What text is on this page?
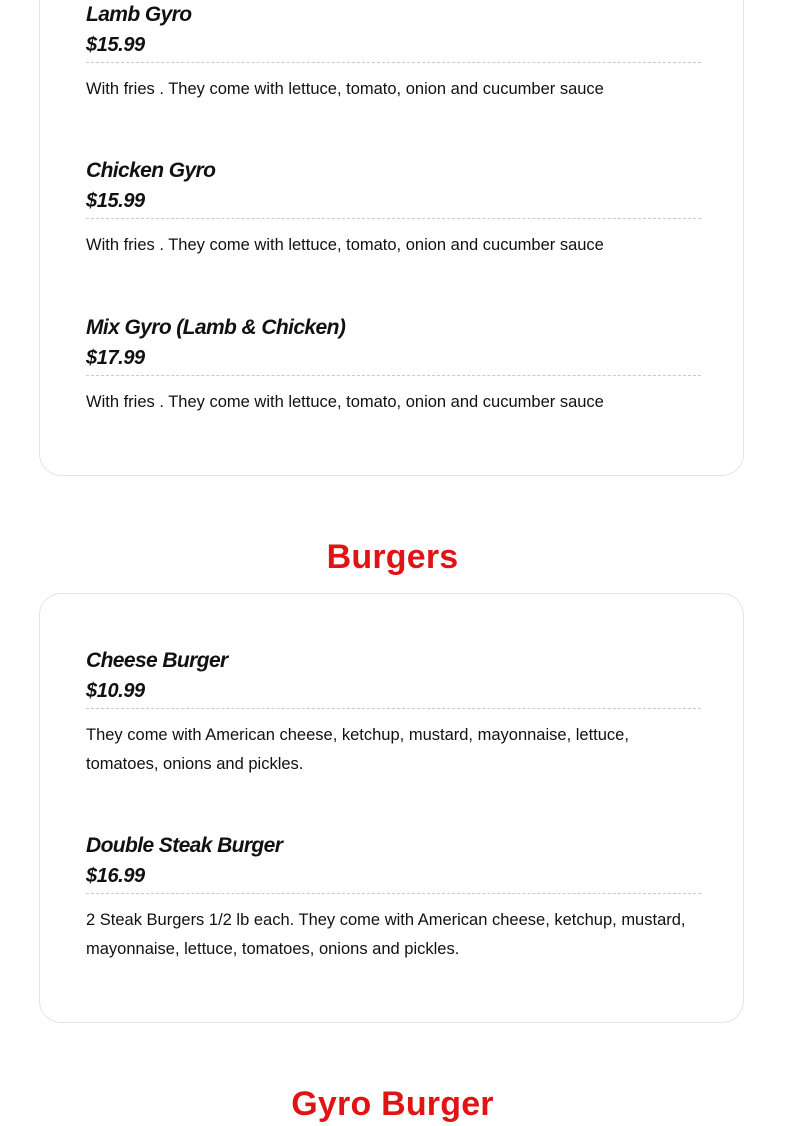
Lamb Gyro
$15.99
With fries . They come with lettuce, tomato, onion and cucumber sauce
Chicken Gyro
$15.99
With fries . They come with lettuce, tomato, onion and cucumber sauce
Mix Gyro (Lamb & Chicken)
$17.99
With fries . They come with lettuce, tomato, onion and cucumber sauce
Burgers
Cheese Burger
$10.99
They come with American cheese, ketchup, mustard, mayonnaise, lettuce, tomatoes, onions and pickles.
Double Steak Burger
$16.99
2 Steak Burgers 1/2 lb each. They come with American cheese, ketchup, mustard, mayonnaise, lettuce, tomatoes, onions and pickles.
Gyro Burger
